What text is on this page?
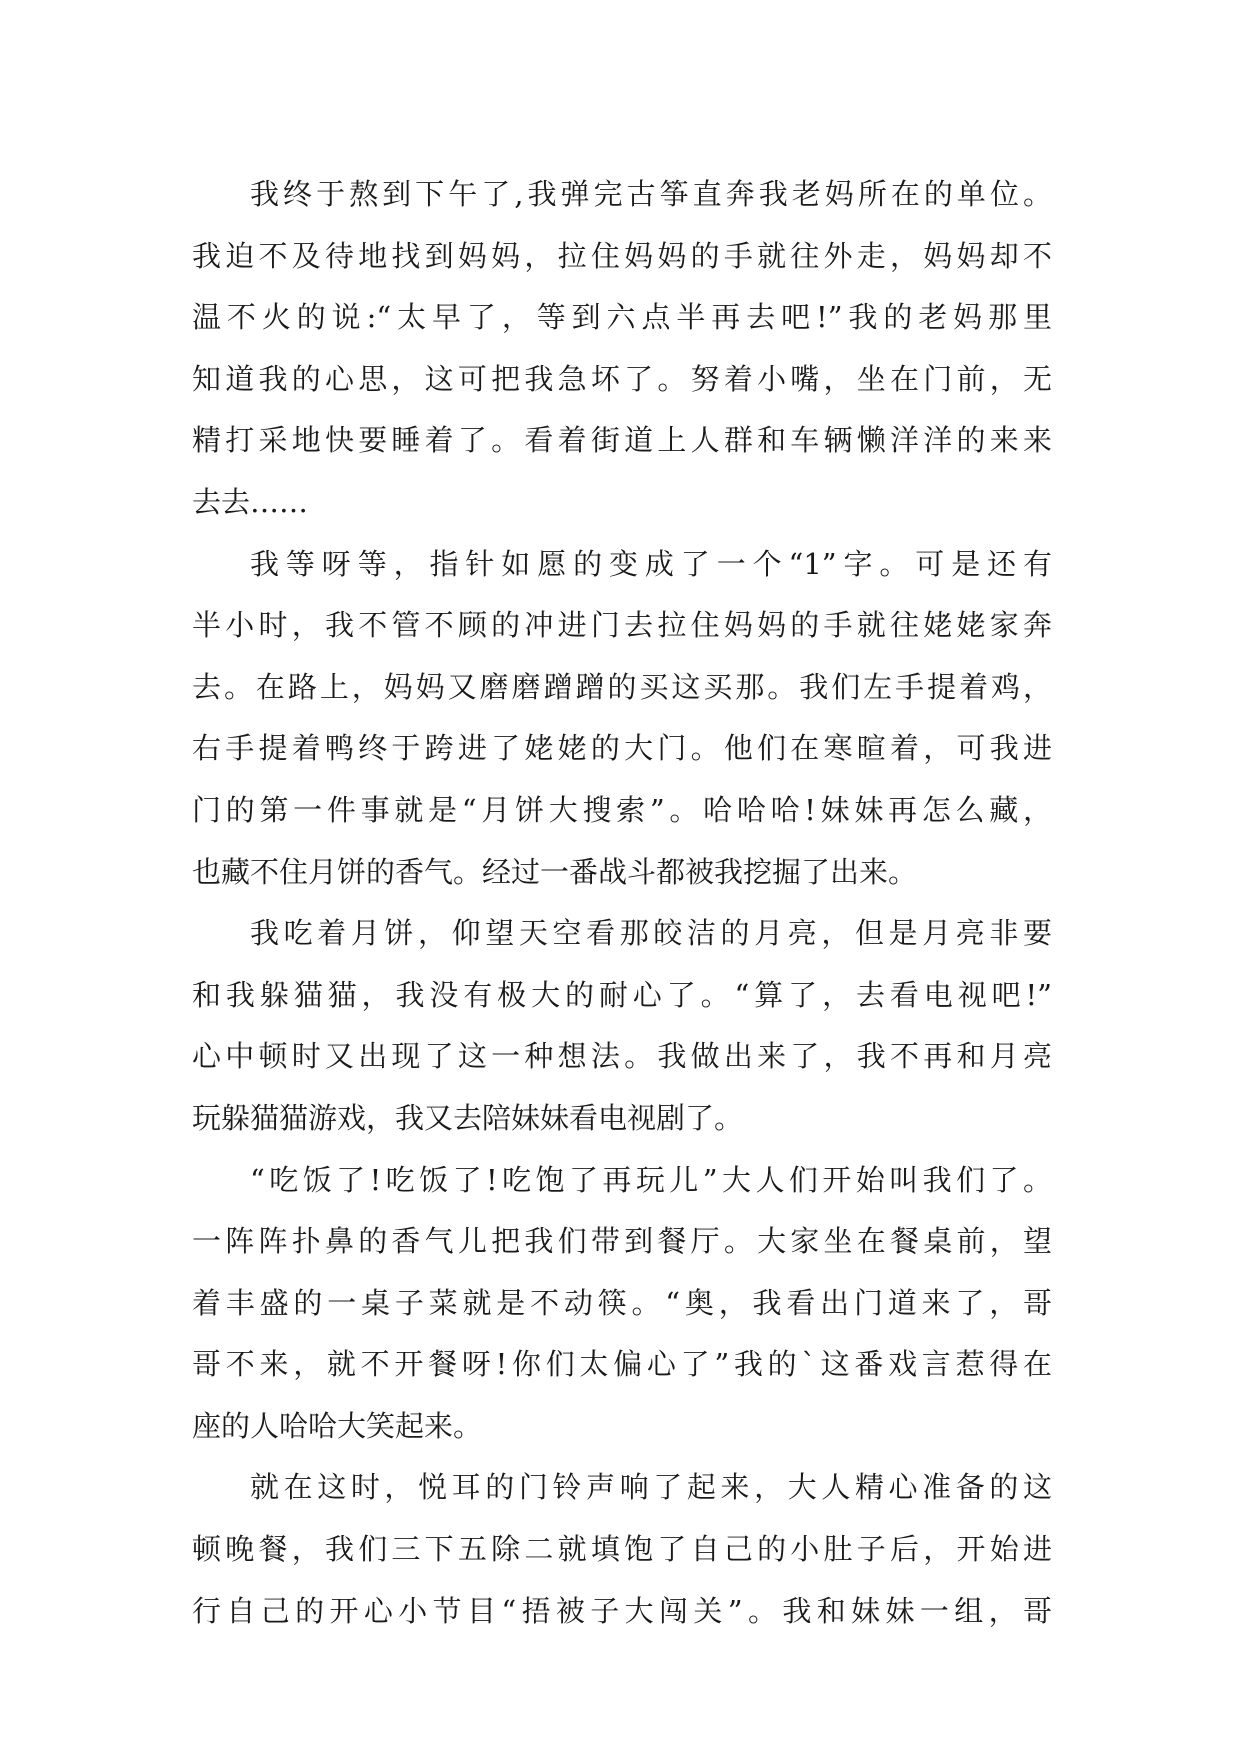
我终于熬到下午了,我弹完古筝直奔我老妈所在的单位。
我迫不及待地找到妈妈，拉住妈妈的手就往外走，妈妈却不
温不火的说:“太早了，等到六点半再去吧!”我的老妈那里
知道我的心思，这可把我急坏了。努着小嘴，坐在门前，无
精打采地快要睡着了。看着街道上人群和车辆懒洋洋的来来
去去……
我等呀等，指针如愿的变成了一个“1”字。可是还有
半小时，我不管不顾的冲进门去拉住妈妈的手就往姥姥家奔
去。在路上，妈妈又磨磨蹭蹭的买这买那。我们左手提着鸡，
右手提着鸭终于跨进了姥姥的大门。他们在寒暄着，可我进
门的第一件事就是“月饼大搜索”。哈哈哈!妹妹再怎么藏，
也藏不住月饼的香气。经过一番战斗都被我挖掘了出来。
我吃着月饼，仰望天空看那皎洁的月亮，但是月亮非要
和我躲猫猫，我没有极大的耐心了。“算了，去看电视吧!”
心中顿时又出现了这一种想法。我做出来了，我不再和月亮
玩躲猫猫游戏，我又去陪妹妹看电视剧了。
“吃饭了!吃饭了!吃饱了再玩儿”大人们开始叫我们了。
一阵阵扑鼻的香气儿把我们带到餐厅。大家坐在餐桌前，望
着丰盛的一桌子菜就是不动筷。“奥，我看出门道来了，哥
哥不来，就不开餐呀!你们太偏心了”我的`这番戏言惹得在
座的人哈哈大笑起来。
就在这时，悦耳的门铃声响了起来，大人精心准备的这
顿晚餐，我们三下五除二就填饱了自己的小肚子后，开始进
行自己的开心小节目“捂被子大闯关”。我和妹妹一组，哥
